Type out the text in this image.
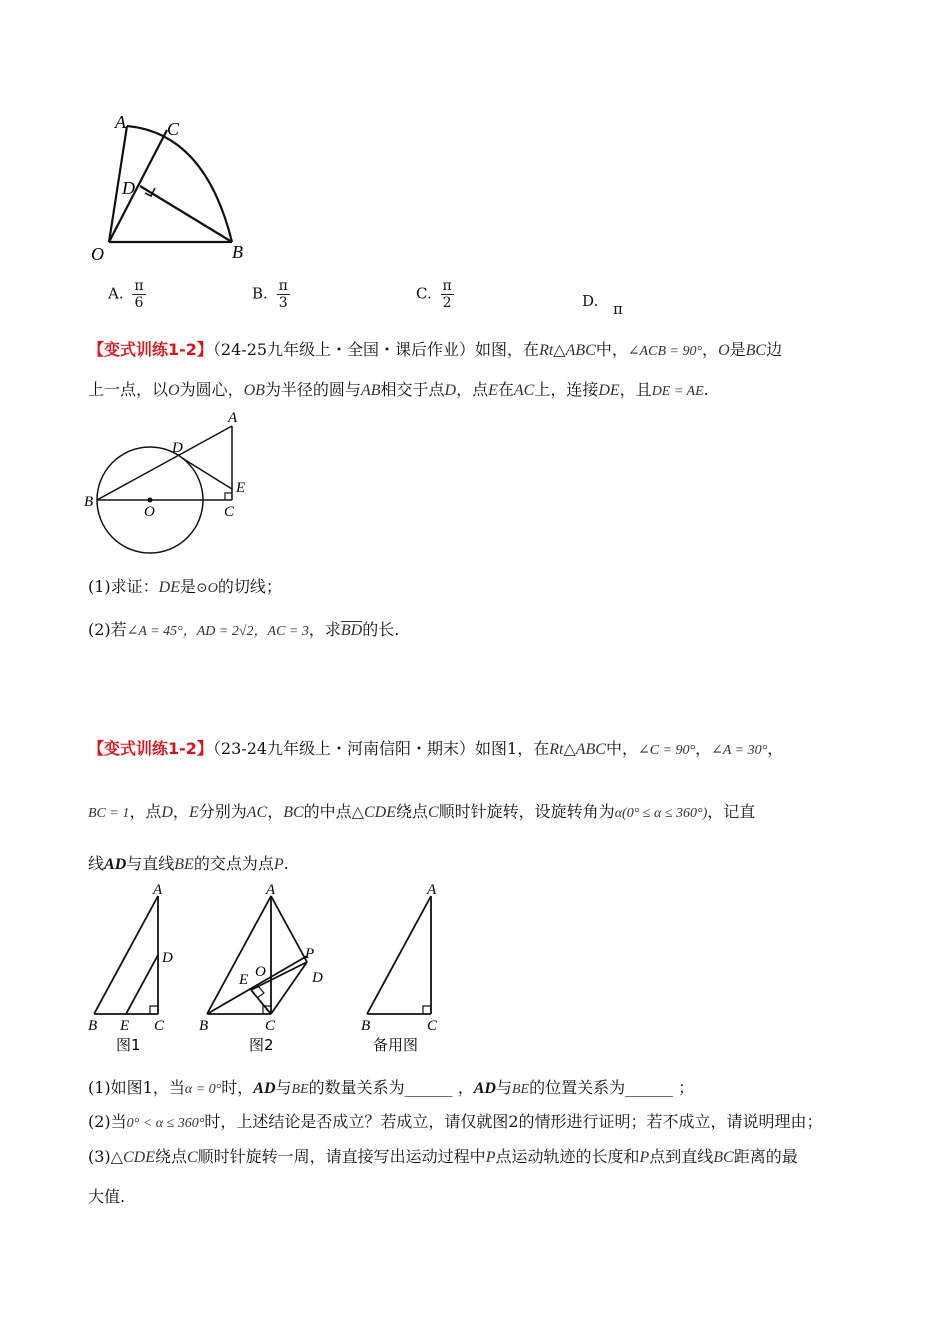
A C
D
O	B
A. $\frac{\pi}{6}$	B. $\frac{\pi}{3}$	C. $\frac{\pi}{2}$	D. π
【变式训练1-2】（24-25九年级上・全国・课后作业）如图，在Rt△ABC中，∠ACB = 90°，O是BC边
上一点，以O为圆心，OB为半径的圆与AB相交于点D，点E在AC上，连接DE，且DE = AE.
A
D
E
B
O	C
(1)求证：DE是⊙O的切线；
(2)若∠A = 45°，AD = 2√2，AC = 3，求$\overline{BD}$的长.
【变式训练1-2】（23-24九年级上・河南信阳・期末）如图1，在Rt△ABC中，∠C = 90°，∠A = 30°，
BC = 1，点D，E分别为AC，BC的中点△CDE绕点C顺时针旋转，设旋转角为α(0° ≤ α ≤ 360°)，记直
线AD与直线BE的交点为点P.
A
D
B E C
图1
A
P
O
E	D
B	C
图2
A
B	C
备用图
(1)如图1，当α = 0°时，AD与BE的数量关系为______ ，AD与BE的位置关系为______ ；
(2)当0° < α ≤ 360°时，上述结论是否成立？若成立，请仅就图2的情形进行证明；若不成立，请说明理由；
(3)△CDE绕点C顺时针旋转一周，请直接写出运动过程中P点运动轨迹的长度和P点到直线BC距离的最
大值.
